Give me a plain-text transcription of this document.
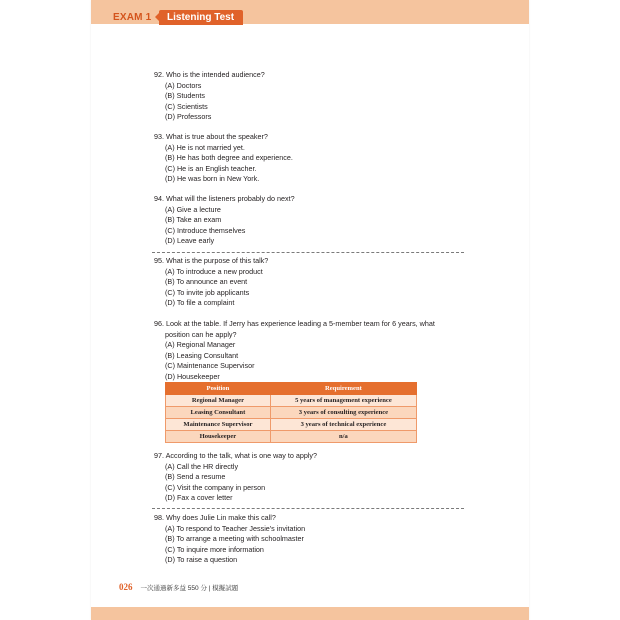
EXAM 1	Listening Test
92. Who is the intended audience?
(A) Doctors
(B) Students
(C) Scientists
(D) Professors
93. What is true about the speaker?
(A) He is not married yet.
(B) He has both degree and experience.
(C) He is an English teacher.
(D) He was born in New York.
94. What will the listeners probably do next?
(A) Give a lecture
(B) Take an exam
(C) Introduce themselves
(D) Leave early
95. What is the purpose of this talk?
(A) To introduce a new product
(B) To announce an event
(C) To invite job applicants
(D) To file a complaint
96. Look at the table. If Jerry has experience leading a 5-member team for 6 years, what
position can he apply?
(A) Regional Manager
(B) Leasing Consultant
(C) Maintenance Supervisor
(D) Housekeeper
Position	Requirement
Regional Manager	5 years of management experience
Leasing Consultant	3 years of consulting experience
Maintenance Supervisor	3 years of technical experience
Housekeeper	n/a
97. According to the talk, what is one way to apply?
(A) Call the HR directly
(B) Send a resume
(C) Visit the company in person
(D) Fax a cover letter
98. Why does Julie Lin make this call?
(A) To respond to Teacher Jessie's invitation
(B) To arrange a meeting with schoolmaster
(C) To inquire more information
(D) To raise a question
026 一次通過新多益 550 分 | 模擬試題
